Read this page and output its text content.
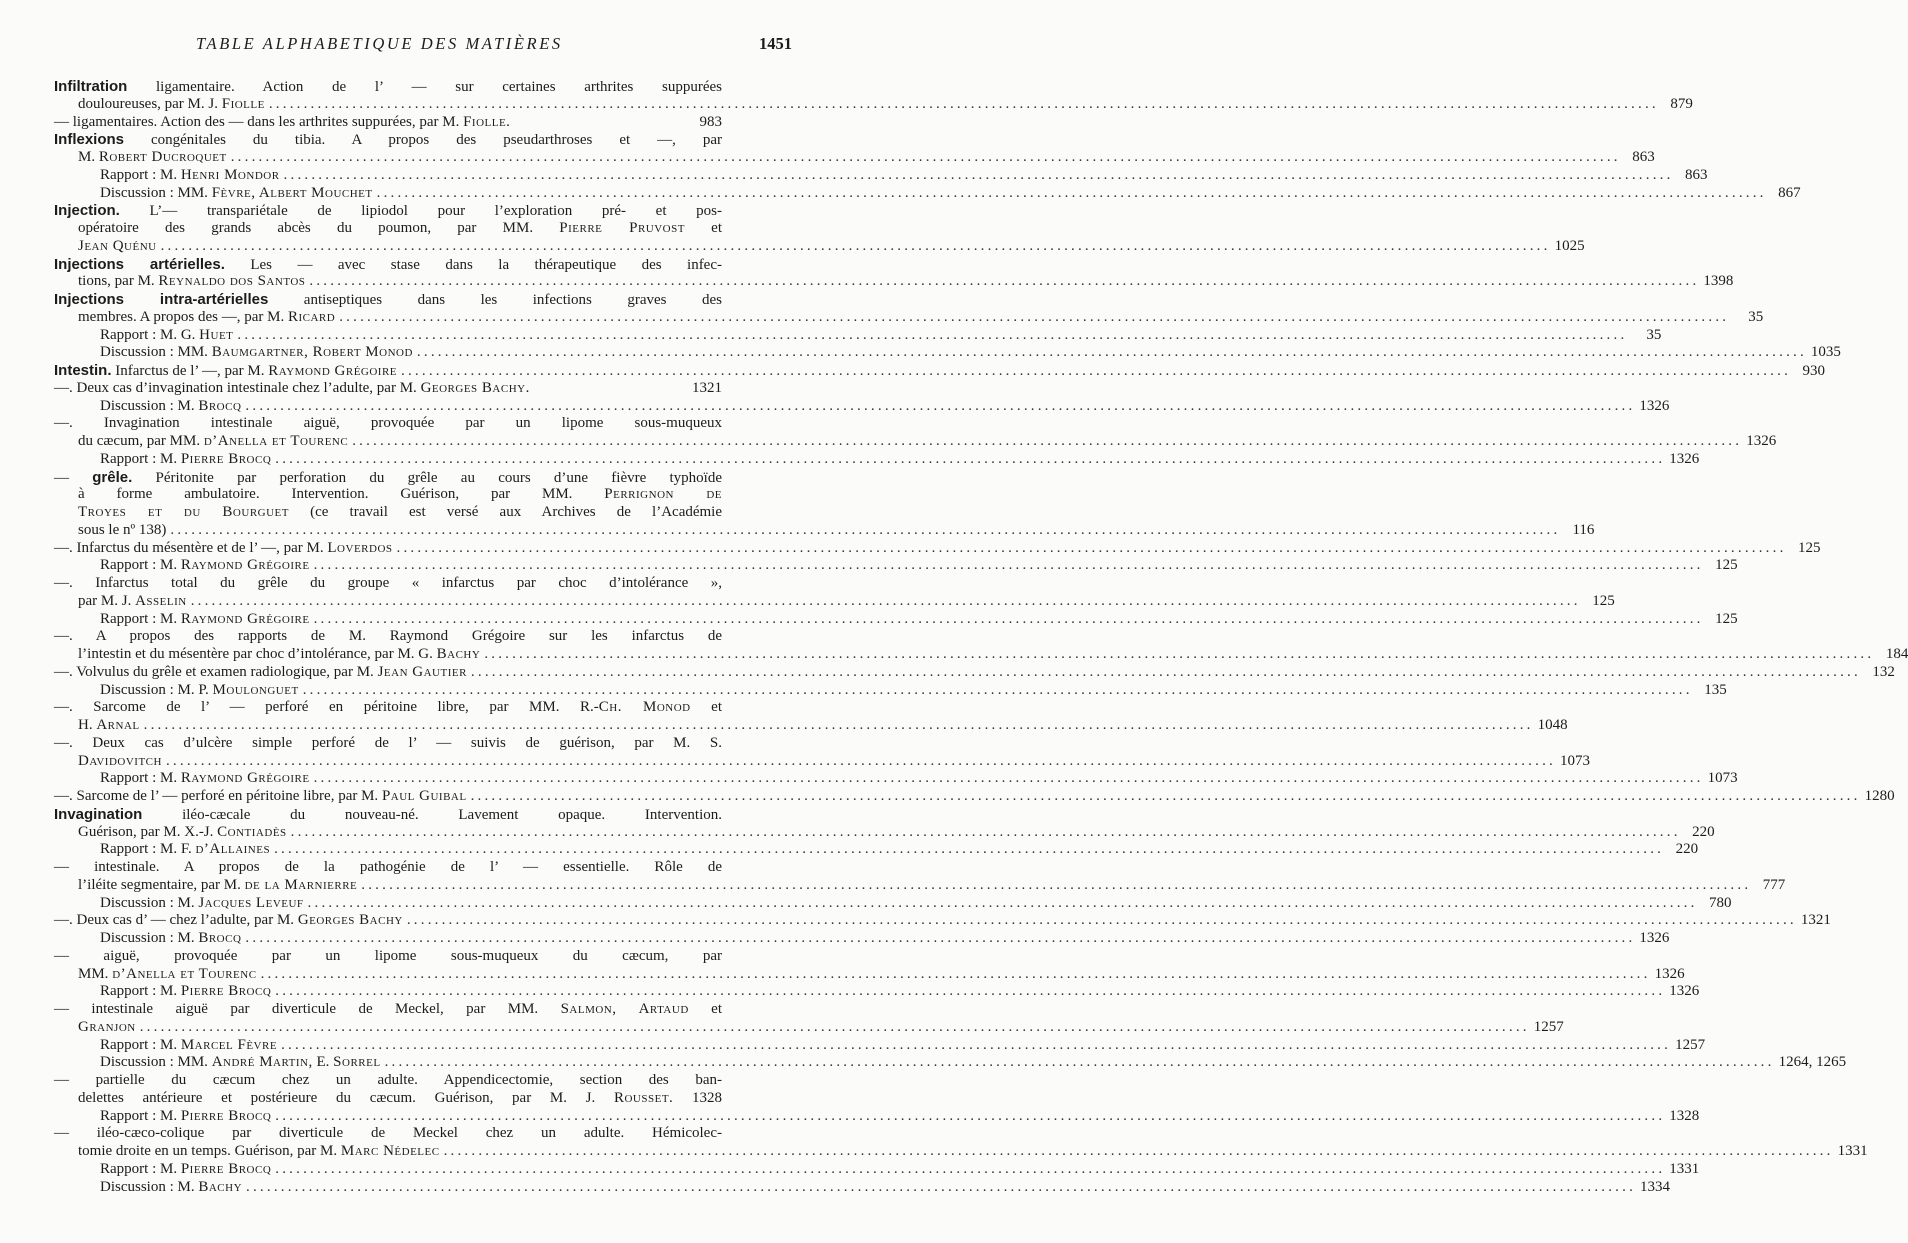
TABLE ALPHABETIQUE DES MATIÈRES	1451
Infiltration ligamentaire. Action de l’ — sur certaines arthrites suppurées
douloureuses, par M. J. Fiolle ........................................................................................................................................................................................................ 879
— ligamentaires. Action des — dans les arthrites suppurées, par M. Fiolle.	983
Inflexions congénitales du tibia. A propos des pseudarthroses et —, par
M. Robert Ducroquet ........................................................................................................................................................................................................ 863
Rapport : M. Henri Mondor ........................................................................................................................................................................................................ 863
Discussion : MM. Fèvre, Albert Mouchet ........................................................................................................................................................................................................ 867
Injection. L’— transpariétale de lipiodol pour l’exploration pré- et pos-
opératoire des grands abcès du poumon, par MM. Pierre Pruvost et
Jean Quénu ........................................................................................................................................................................................................ 1025
Injections artérielles. Les — avec stase dans la thérapeutique des infec-
tions, par M. Reynaldo dos Santos ........................................................................................................................................................................................................ 1398
Injections intra-artérielles antiseptiques dans les infections graves des
membres. A propos des —, par M. Ricard ........................................................................................................................................................................................................	35
Rapport : M. G. Huet ........................................................................................................................................................................................................	35
Discussion : MM. Baumgartner, Robert Monod ........................................................................................................................................................................................................ 1035
Intestin. Infarctus de l’ —, par M. Raymond Grégoire ........................................................................................................................................................................................................ 930
—. Deux cas d’invagination intestinale chez l’adulte, par M. Georges Bachy.	1321
Discussion : M. Brocq ........................................................................................................................................................................................................ 1326
—. Invagination intestinale aiguë, provoquée par un lipome sous-muqueux
du cæcum, par MM. d’Anella et Tourenc ........................................................................................................................................................................................................ 1326
Rapport : M. Pierre Brocq ........................................................................................................................................................................................................ 1326
— grêle. Péritonite par perforation du grêle au cours d’une fièvre typhoïde
à forme ambulatoire. Intervention. Guérison, par MM. Perrignon de
Troyes et du Bourguet (ce travail est versé aux Archives de l’Académie
sous le nº 138) ........................................................................................................................................................................................................ 116
—. Infarctus du mésentère et de l’ —, par M. Loverdos ........................................................................................................................................................................................................ 125
Rapport : M. Raymond Grégoire ........................................................................................................................................................................................................ 125
—. Infarctus total du grêle du groupe « infarctus par choc d’intolérance »,
par M. J. Asselin ........................................................................................................................................................................................................ 125
Rapport : M. Raymond Grégoire ........................................................................................................................................................................................................ 125
—. A propos des rapports de M. Raymond Grégoire sur les infarctus de
l’intestin et du mésentère par choc d’intolérance, par M. G. Bachy ........................................................................................................................................................................................................ 184
—. Volvulus du grêle et examen radiologique, par M. Jean Gautier ........................................................................................................................................................................................................ 132
Discussion : M. P. Moulonguet ........................................................................................................................................................................................................ 135
—. Sarcome de l’ — perforé en péritoine libre, par MM. R.-Ch. Monod et
H. Arnal ........................................................................................................................................................................................................ 1048
—. Deux cas d’ulcère simple perforé de l’ — suivis de guérison, par M. S.
Davidovitch ........................................................................................................................................................................................................ 1073
Rapport : M. Raymond Grégoire ........................................................................................................................................................................................................ 1073
—. Sarcome de l’ — perforé en péritoine libre, par M. Paul Guibal ........................................................................................................................................................................................................ 1280
Invagination iléo-cæcale du nouveau-né. Lavement opaque. Intervention.
Guérison, par M. X.-J. Contiadès ........................................................................................................................................................................................................ 220
Rapport : M. F. d’Allaines ........................................................................................................................................................................................................ 220
— intestinale. A propos de la pathogénie de l’ — essentielle. Rôle de
l’iléite segmentaire, par M. de la Marnierre ........................................................................................................................................................................................................ 777
Discussion : M. Jacques Leveuf ........................................................................................................................................................................................................ 780
—. Deux cas d’ — chez l’adulte, par M. Georges Bachy ........................................................................................................................................................................................................ 1321
Discussion : M. Brocq ........................................................................................................................................................................................................ 1326
— aiguë, provoquée par un lipome sous-muqueux du cæcum, par
MM. d’Anella et Tourenc ........................................................................................................................................................................................................ 1326
Rapport : M. Pierre Brocq ........................................................................................................................................................................................................ 1326
— intestinale aiguë par diverticule de Meckel, par MM. Salmon, Artaud et
Granjon ........................................................................................................................................................................................................ 1257
Rapport : M. Marcel Fèvre ........................................................................................................................................................................................................ 1257
Discussion : MM. André Martin, E. Sorrel ........................................................................................................................................................................................................ 1264, 1265
— partielle du cæcum chez un adulte. Appendicectomie, section des ban-
delettes antérieure et postérieure du cæcum. Guérison, par M. J. Rousset. 1328
Rapport : M. Pierre Brocq ........................................................................................................................................................................................................ 1328
— iléo-cæco-colique par diverticule de Meckel chez un adulte. Hémicolec-
tomie droite en un temps. Guérison, par M. Marc Nédelec ........................................................................................................................................................................................................ 1331
Rapport : M. Pierre Brocq ........................................................................................................................................................................................................ 1331
Discussion : M. Bachy ........................................................................................................................................................................................................ 1334
